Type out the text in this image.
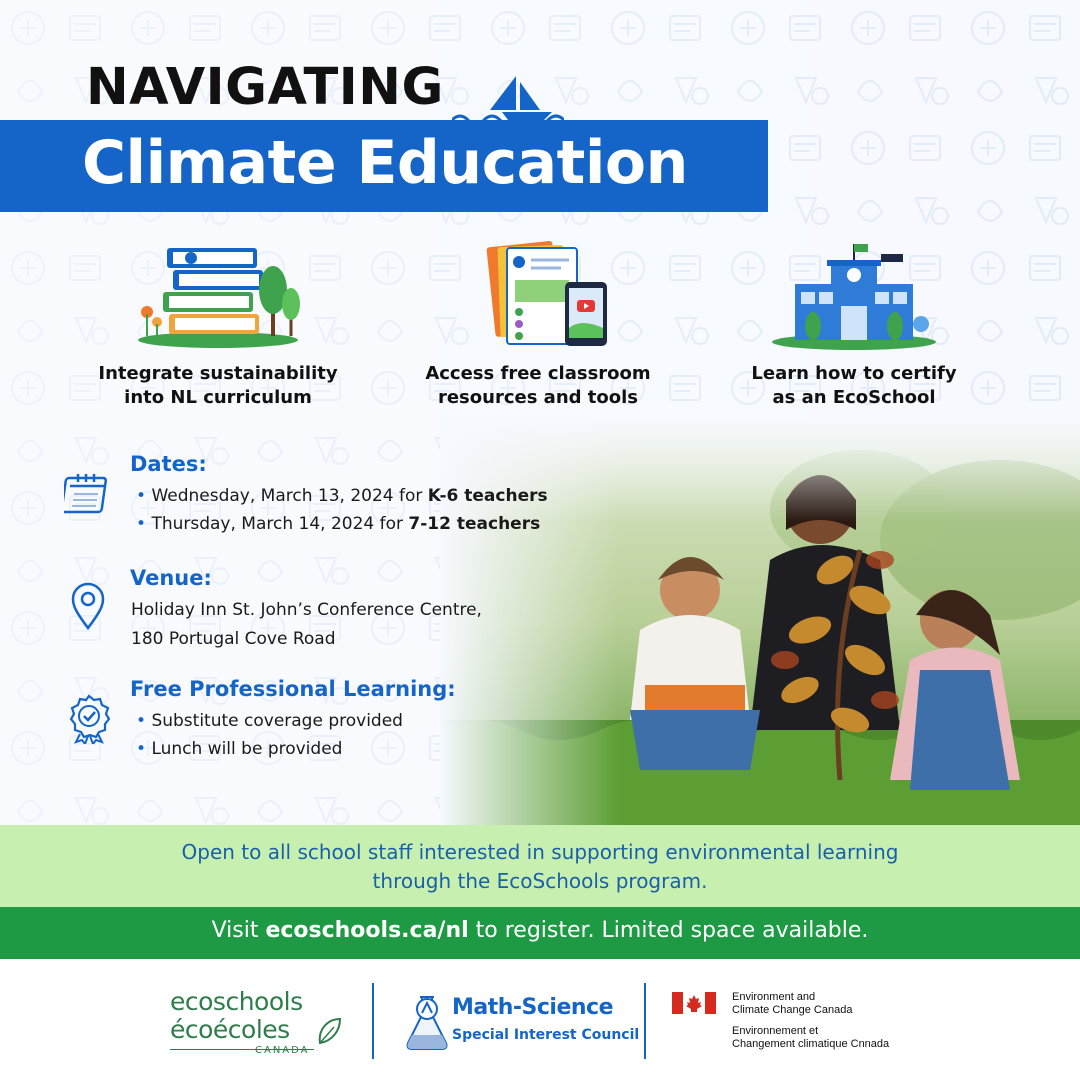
NAVIGATING
Climate Education
Integrate sustainability
into NL curriculum
Access free classroom
resources and tools
Learn how to certify
as an EcoSchool
Dates:
• Wednesday, March 13, 2024 for K-6 teachers
• Thursday, March 14, 2024 for 7-12 teachers
Venue:
Holiday Inn St. John’s Conference Centre,
180 Portugal Cove Road
Free Professional Learning:
• Substitute coverage provided
• Lunch will be provided
Open to all school staff interested in supporting environmental learning
through the EcoSchools program.
Visit ecoschools.ca/nl to register. Limited space available.
ecoschools
écoécoles
CANADA
Math-Science
Special Interest Council
Environment and
Climate Change Canada
Environnement et
Changement climatique Cnnada
